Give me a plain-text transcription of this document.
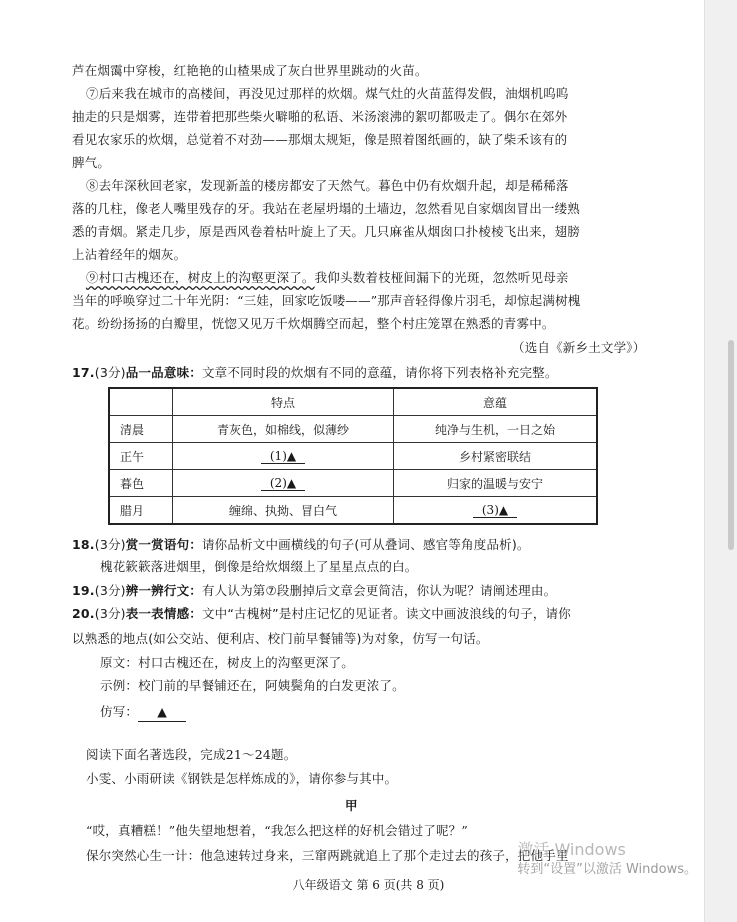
芦在烟霭中穿梭，红艳艳的山楂果成了灰白世界里跳动的火苗。
⑦后来我在城市的高楼间，再没见过那样的炊烟。煤气灶的火苗蓝得发假，油烟机呜呜
抽走的只是烟雾，连带着把那些柴火噼啪的私语、米汤滚沸的絮叨都吸走了。偶尔在郊外
看见农家乐的炊烟，总觉着不对劲——那烟太规矩，像是照着图纸画的，缺了柴禾该有的
脾气。
⑧去年深秋回老家，发现新盖的楼房都安了天然气。暮色中仍有炊烟升起，却是稀稀落
落的几柱，像老人嘴里残存的牙。我站在老屋坍塌的土墙边，忽然看见自家烟囱冒出一缕熟
悉的青烟。紧走几步，原是西风卷着枯叶旋上了天。几只麻雀从烟囱口扑棱棱飞出来，翅膀
上沾着经年的烟灰。
⑨村口古槐还在，树皮上的沟壑更深了。我仰头数着枝桠间漏下的光斑，忽然听见母亲
当年的呼唤穿过二十年光阴：“三娃，回家吃饭喽——”那声音轻得像片羽毛，却惊起满树槐
花。纷纷扬扬的白瓣里，恍惚又见万千炊烟腾空而起，整个村庄笼罩在熟悉的青雾中。
（选自《新乡土文学》）
17.(3分)品一品意味：文章不同时段的炊烟有不同的意蕴，请你将下列表格补充完整。
	特点	意蕴
清晨	青灰色，如棉线，似薄纱	纯净与生机，一日之始
正午	(1)▲	乡村紧密联结
暮色	(2)▲	归家的温暖与安宁
腊月	缠绵、执拗、冒白气	(3)▲
18.(3分)赏一赏语句：请你品析文中画横线的句子(可从叠词、感官等角度品析)。
槐花簌簌落进烟里，倒像是给炊烟缀上了星星点点的白。
19.(3分)辨一辨行文：有人认为第⑦段删掉后文章会更简洁，你认为呢？请阐述理由。
20.(3分)表一表情感：文中“古槐树”是村庄记忆的见证者。读文中画波浪线的句子，请你
以熟悉的地点(如公交站、便利店、校门前早餐铺等)为对象，仿写一句话。
原文：村口古槐还在，树皮上的沟壑更深了。
示例：校门前的早餐铺还在，阿姨鬓角的白发更浓了。
仿写： ▲
阅读下面名著选段，完成21～24题。
小雯、小雨研读《钢铁是怎样炼成的》，请你参与其中。
甲
“哎，真糟糕！”他失望地想着，“我怎么把这样的好机会错过了呢？”
保尔突然心生一计：他急速转过身来，三窜两跳就追上了那个走过去的孩子，把他手里
八年级语文 第 6 页(共 8 页)
激活 Windows
转到“设置”以激活 Windows。
